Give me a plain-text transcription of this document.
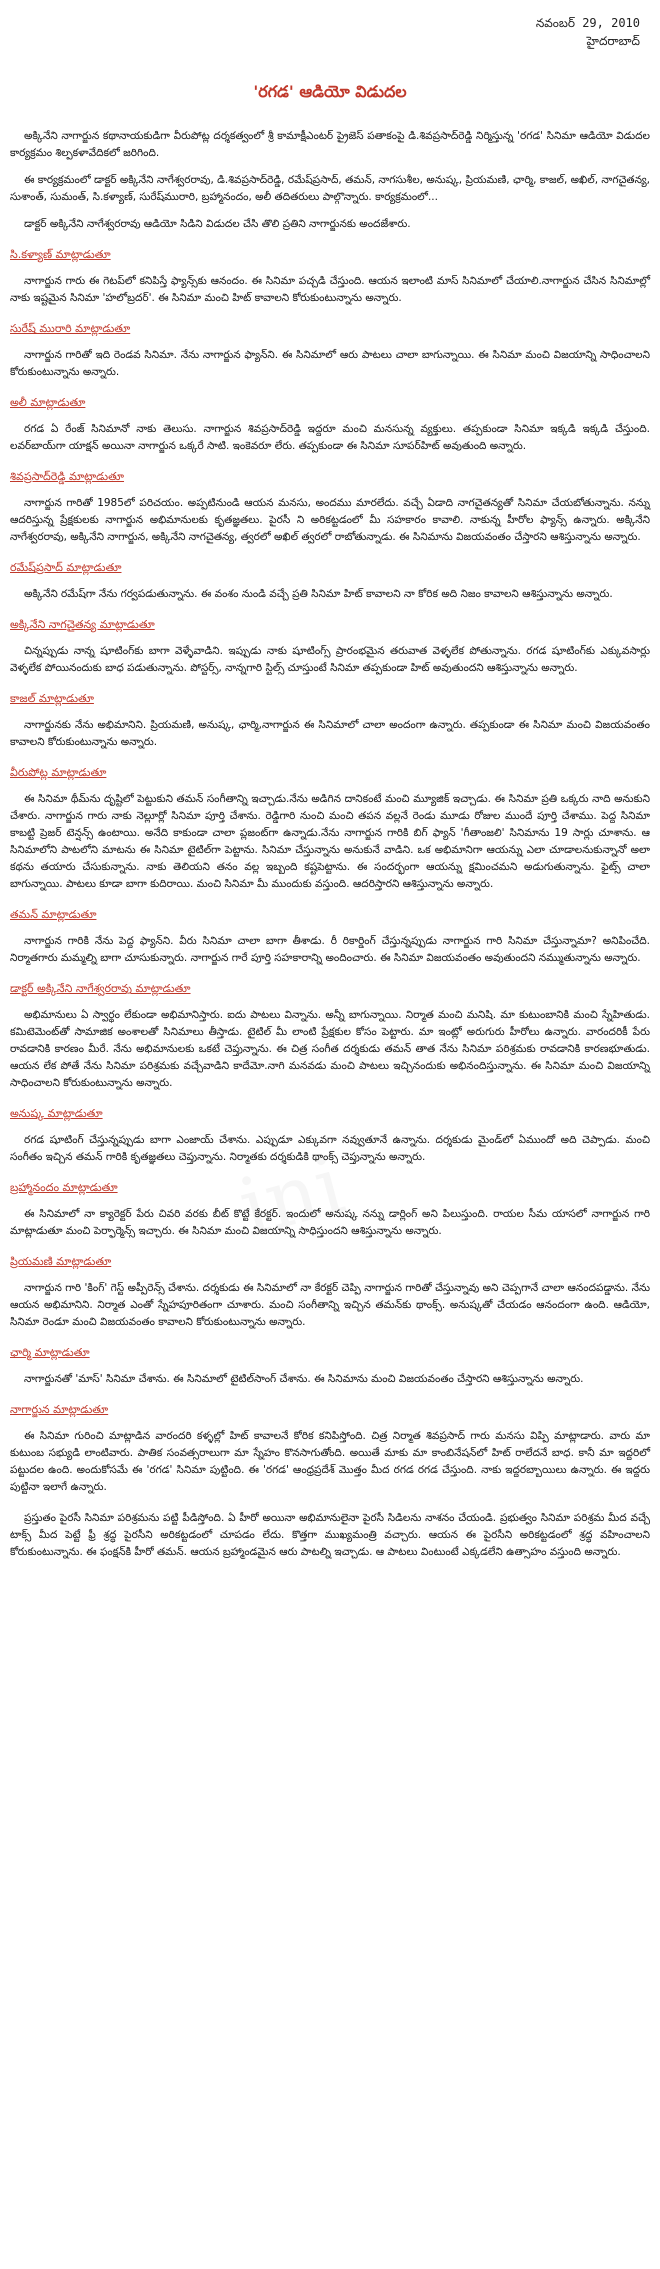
ini
నవంబర్ 29, 2010
హైదరాబాద్
'రగడ' ఆడియో విడుదల

అక్కినేని నాగార్జున కథానాయకుడిగా వీరుపోట్ల దర్శకత్వంలో శ్రీ కామాక్షీఎంటర్ ప్రైజెస్ పతాకంపై డి.శివప్రసాద్‌రెడ్డి నిర్మిస్తున్న 'రగడ' సినిమా ఆడియో విడుదల కార్యక్రమం శిల్పకళావేదికలో జరిగింది.

ఈ కార్యక్రమంలో డాక్టర్ అక్కినేని నాగేశ్వరరావు, డి.శివప్రసాద్‌రెడ్డి, రమేష్‌ప్రసాద్, తమన్, నాగసుశీల, అనుష్క, ప్రియమణి, ఛార్మి, కాజల్, అఖిల్, నాగచైతన్య, సుశాంత్, సుమంత్, సి.కళ్యాణ్, సురేష్‌మురారి, బ్రహ్మానందం, అలీ తదితరులు పాల్గొన్నారు. కార్యక్రమంలో...

డాక్టర్ అక్కినేని నాగేశ్వరరావు ఆడియో సిడిని విడుదల చేసి తొలి ప్రతిని నాగార్జునకు అందజేశారు.

సి.కళ్యాణ్ మాట్లాడుతూ

నాగార్జున గారు ఈ గెటప్‌లో కనిపిస్తే ఫ్యాన్స్‌కు ఆనందం. ఈ సినిమా పచ్చడి చేస్తుంది. ఆయన ఇలాంటి మాస్ సినిమాలో చేయాలి.నాగార్జున చేసిన సినిమాల్లో నాకు ఇష్టమైన సినిమా 'హలోబ్రదర్'. ఈ సినిమా మంచి హిట్ కావాలని కోరుకుంటున్నాను అన్నారు.

సురేష్ మురారి మాట్లాడుతూ

నాగార్జున గారితో ఇది రెండవ సినిమా. నేను నాగార్జున ఫ్యాన్‌ని. ఈ సినిమాలో ఆరు పాటలు చాలా బాగున్నాయి. ఈ సినిమా మంచి విజయాన్ని సాధించాలని కోరుకుంటున్నాను అన్నారు.

అలీ మాట్లాడుతూ

రగడ ఏ రేంజ్ సినిమానో నాకు తెలుసు. నాగార్జున శివప్రసాద్‌రెడ్డి ఇద్దరూ మంచి మనసున్న వ్యక్తులు. తప్పకుండా సినిమా ఇక్కడి ఇక్కడి చేస్తుంది. లవర్‌బాయ్‌గా యాక్షన్ అయినా నాగార్జున ఒక్కరే సాటి. ఇంకెవరూ లేరు. తప్పకుండా ఈ సినిమా సూపర్‌హిట్ అవుతుంది అన్నారు.

శివప్రసాద్‌రెడ్డి మాట్లాడుతూ

నాగార్జున గారితో 1985లో పరిచయం. అప్పటినుండి ఆయన మనసు, అందము మారలేదు. వచ్చే ఏడాది నాగచైతన్యతో సినిమా చేయబోతున్నాను. నన్ను ఆదరిస్తున్న ప్రేక్షకులకు నాగార్జున అభిమానులకు కృతజ్ఞతలు. పైరసీ ని అరికట్టడంలో మీ సహకారం కావాలి. నాకున్న హీరోల ఫ్యాన్స్ ఉన్నారు. అక్కినేని నాగేశ్వరరావు, అక్కినేని నాగార్జున, అక్కినేని నాగచైతన్య, త్వరలో అఖిల్ త్వరలో రాబోతున్నాడు. ఈ సినిమాను విజయవంతం చేస్తారని ఆశిస్తున్నాను అన్నారు.

రమేష్‌ప్రసాద్ మాట్లాడుతూ

అక్కినేని రమేష్‌గా నేను గర్వపడుతున్నాను. ఈ వంశం నుండి వచ్చే ప్రతి సినిమా హిట్ కావాలని నా కోరిక అది నిజం కావాలని ఆశిస్తున్నాను అన్నారు.

అక్కినేని నాగచైతన్య మాట్లాడుతూ

చిన్నప్పుడు నాన్న షూటింగ్‌కు బాగా వెళ్ళేవాడిని. ఇప్పుడు నాకు షూటింగ్స్ ప్రారంభమైన తరువాత వెళ్ళలేక పోతున్నాను. రగడ షూటింగ్‌కు ఎక్కువసార్లు వెళ్ళలేక పోయినందుకు బాధ పడుతున్నాను. పోస్టర్స్, నాన్నగారి స్టిల్స్ చూస్తుంటే సినిమా తప్పకుండా హిట్ అవుతుందని ఆశిస్తున్నాను అన్నారు.

కాజల్ మాట్లాడుతూ

నాగార్జునకు నేను అభిమానిని. ప్రియమణి, అనుష్క, ఛార్మి,నాగార్జున ఈ సినిమాలో చాలా అందంగా ఉన్నారు. తప్పకుండా ఈ సినిమా మంచి విజయవంతం కావాలని కోరుకుంటున్నాను అన్నారు.

వీరుపోట్ల మాట్లాడుతూ

ఈ సినిమా థీమ్‌ను దృష్టిలో పెట్టుకుని తమన్ సంగీతాన్ని ఇచ్చాడు.నేను అడిగిన దానికంటే మంచి మ్యూజిక్ ఇచ్చాడు. ఈ సినిమా ప్రతి ఒక్కరు నాది అనుకుని చేశారు. నాగార్జున గారు నాకు నెల్లూర్లో సినిమా పూర్తి చేశాను. రెడ్డిగారి నుంచి మంచి తపన వల్లనే రెండు మూడు రోజుల ముందే పూర్తి చేశాము. పెద్ద సినిమా కాబట్టి ప్రెజర్ టెన్షన్స్ ఉంటాయి. అనేది కాకుండా చాలా ప్లజంట్‌గా ఉన్నాడు.నేను నాగార్జున గారికి బిగ్ ఫ్యాన్ 'గీతాంజలి' సినిమాను 19 సార్లు చూశాను. ఆ సినిమాలోని పాటలోని మాటను ఈ సినిమా టైటిల్‌గా పెట్టాను. సినిమా చేస్తున్నాను అనుకునే వాడిని. ఒక అభిమానిగా ఆయన్ను ఎలా చూడాలనుకున్నానో అలా కథను తయారు చేసుకున్నాను. నాకు తెలియని తనం వల్ల ఇబ్బంది కష్టపెట్టాను. ఈ సందర్భంగా ఆయన్ను క్షమించమని అడుగుతున్నాను. ఫైట్స్ చాలా బాగున్నాయి. పాటలు కూడా బాగా కుదిరాయి. మంచి సినిమా మీ ముందుకు వస్తుంది. ఆదరిస్తారని ఆశిస్తున్నాను అన్నారు.

తమన్ మాట్లాడుతూ

నాగార్జున గారికి నేను పెద్ద ఫ్యాన్‌ని. వీరు సినిమా చాలా బాగా తీశాడు. రీ రికార్డింగ్ చేస్తున్నప్పుడు నాగార్జున గారి సినిమా చేస్తున్నామా? అనిపించేది. నిర్మాతగారు మమ్మల్ని బాగా చూసుకున్నారు. నాగార్జున గారే పూర్తి సహకారాన్ని అందించారు. ఈ సినిమా విజయవంతం అవుతుందని నమ్ముతున్నాను అన్నారు.

డాక్టర్ అక్కినేని నాగేశ్వరరావు మాట్లాడుతూ

అభిమానులు ఏ స్వార్థం లేకుండా అభిమానిస్తారు. ఐదు పాటలు విన్నాను. అన్నీ బాగున్నాయి. నిర్మాత మంచి మనిషి. మా కుటుంబానికి మంచి స్నేహితుడు. కమిటెమెంట్‌తో సామాజిక అంశాలతో సినిమాలు తీస్తాడు. టైటిల్ మీ లాంటి ప్రేక్షకుల కోసం పెట్టారు. మా ఇంట్లో అరుగురు హీరోలు ఉన్నారు. వారందరికీ పేరు రావడానికి కారణం మీరే. నేను అభిమానులకు ఒకటే చెప్తున్నాను. ఈ చిత్ర సంగీత దర్శకుడు తమన్ తాత నేను సినిమా పరిశ్రమకు రావడానికి కారణభూతుడు. ఆయన లేక పోతే నేను సినిమా పరిశ్రమకు వచ్చేవాడిని కాదేమో.నాగి మనవడు మంచి పాటలు ఇచ్చినందుకు అభినందిస్తున్నాను. ఈ సినిమా మంచి విజయాన్ని సాధించాలని కోరుకుంటున్నాను అన్నారు.

అనుష్క మాట్లాడుతూ

రగడ షూటింగ్ చేస్తున్నప్పుడు బాగా ఎంజాయ్ చేశాను. ఎప్పుడూ ఎక్కువగా నవ్వుతూనే ఉన్నాను. దర్శకుడు మైండ్‌లో ఏముందో అది చెప్పాడు. మంచి సంగీతం ఇచ్చిన తమన్ గారికి కృతజ్ఞతలు చెప్తున్నాను. నిర్మాతకు దర్శకుడికి థాంక్స్ చెప్తున్నాను అన్నారు.

బ్రహ్మానందం మాట్లాడుతూ

ఈ సినిమాలో నా క్యారెక్టర్ పేరు చివరి వరకు బీట్ కొట్టే కేరక్టర్. ఇందులో అనుష్క నన్ను డార్లింగ్ అని పిలుస్తుంది. రాయల సీమ యాసలో నాగార్జున గారి మాట్లాడుతూ మంచి పెర్ఫార్మెన్స్ ఇచ్చారు. ఈ సినిమా మంచి విజయాన్ని సాధిస్తుందని ఆశిస్తున్నాను అన్నారు.

ప్రియమణి మాట్లాడుతూ

నాగార్జున గారి 'కింగ్' గెస్ట్ అప్పీరెన్స్ చేశాను. దర్శకుడు ఈ సినిమాలో నా కేరక్టర్ చెప్పి నాగార్జున గారితో చేస్తున్నావు అని చెప్పగానే చాలా ఆనందపడ్డాను. నేను ఆయన అభిమానిని. నిర్మాత ఎంతో స్నేహపూరితంగా చూశారు. మంచి సంగీతాన్ని ఇచ్చిన తమన్‌కు థాంక్స్. అనుష్కతో చేయడం ఆనందంగా ఉంది. ఆడియో, సినిమా రెండూ మంచి విజయవంతం కావాలని కోరుకుంటున్నాను అన్నారు.

ఛార్మి మాట్లాడుతూ

నాగార్జునతో 'మాస్' సినిమా చేశాను. ఈ సినిమాలో టైటిల్‌సాంగ్ చేశాను. ఈ సినిమాను మంచి విజయవంతం చేస్తారని ఆశిస్తున్నాను అన్నారు.

నాగార్జున మాట్లాడుతూ

ఈ సినిమా గురించి మాట్లాడిన వారందరి కళ్ళల్లో హిట్ కావాలనే కోరిక కనిపిస్తోంది. చిత్ర నిర్మాత శివప్రసాద్ గారు మనసు విప్పి మాట్లాడారు. వారు మా కుటుంబ సభ్యుడి లాంటివారు. పాతిక సంవత్సరాలుగా మా స్నేహం కొనసాగుతోంది. అయితే మాకు మా కాంబినేషన్‌లో హిట్ రాలేదనే బాధ. కానీ మా ఇద్దరిలో పట్టుదల ఉంది. అందుకోసమే ఈ 'రగడ' సినిమా పుట్టింది. ఈ 'రగడ' ఆంధ్రప్రదేశ్ మొత్తం మీద రగడ రగడ చేస్తుంది. నాకు ఇద్దరబ్బాయిలు ఉన్నారు. ఈ ఇద్దరు పుట్టినా ఇలాగే ఉన్నారు.

ప్రస్తుతం పైరసీ సినిమా పరిశ్రమను పట్టి పీడిస్తోంది. ఏ హీరో అయినా అభిమానులైనా పైరసీ సిడిలను నాశనం చేయండి. ప్రభుత్వం సినిమా పరిశ్రమ మీద వచ్చే టాక్స్ మీద పెట్టే ఫ్రీ శ్రద్ధ పైరసీని అరికట్టడంలో చూపడం లేదు. కొత్తగా ముఖ్యమంత్రి వచ్చారు. ఆయన ఈ పైరసీని అరికట్టడంలో శ్రద్ధ వహించాలని కోరుకుంటున్నాను. ఈ ఫంక్షన్‌కి హీరో తమన్. ఆయన బ్రహ్మాండమైన ఆరు పాటల్ని ఇచ్చాడు. ఆ పాటలు వింటుంటే ఎక్కడలేని ఉత్సాహం వస్తుంది అన్నారు.
